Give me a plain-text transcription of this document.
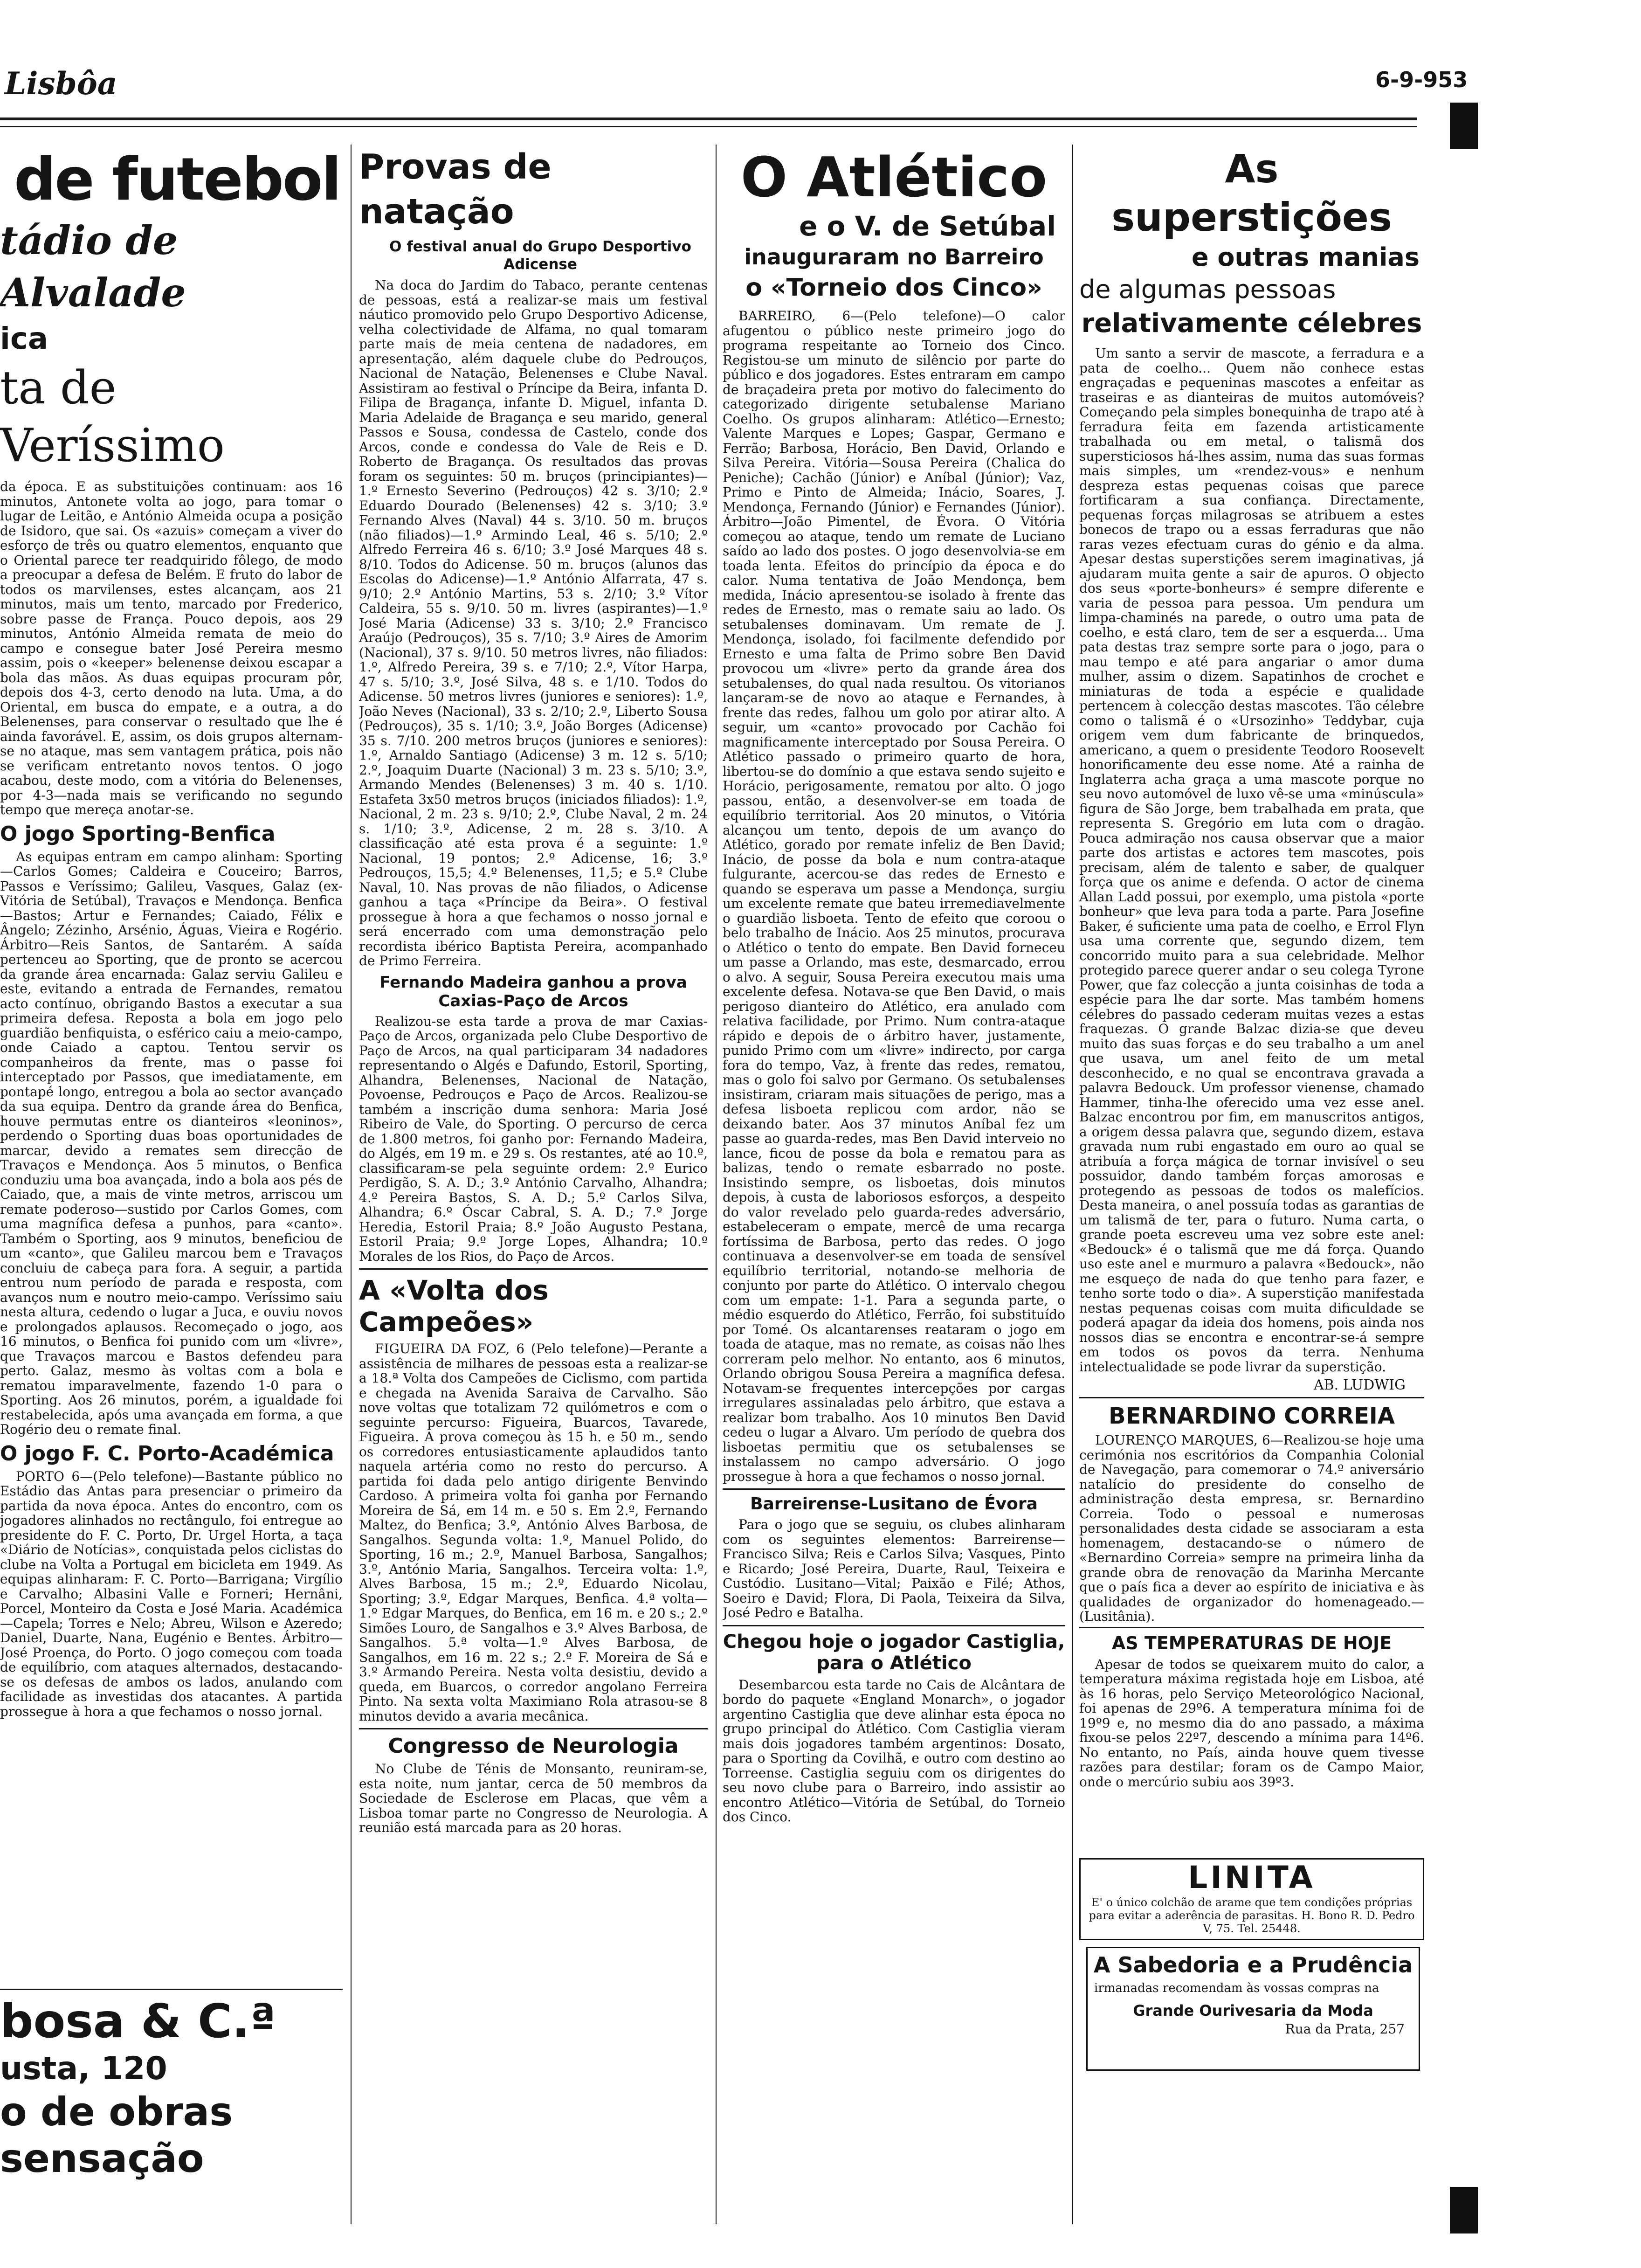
Lisbôa	6-9-953
de futebol
tádio de Alvalade
ica
ta de Veríssimo

da época. E as substituições continuam: aos 16 minutos, Antonete volta ao jogo, para tomar o lugar de Leitão, e António Almeida ocupa a posição de Isidoro, que sai. Os «azuis» começam a viver do esforço de três ou quatro elementos, enquanto que o Oriental parece ter readquirido fôlego, de modo a preocupar a defesa de Belém. E fruto do labor de todos os marvilenses, estes alcançam, aos 21 minutos, mais um tento, marcado por Frederico, sobre passe de França. Pouco depois, aos 29 minutos, António Almeida remata de meio do campo e consegue bater José Pereira mesmo assim, pois o «keeper» belenense deixou escapar a bola das mãos. As duas equipas procuram pôr, depois dos 4-3, certo denodo na luta. Uma, a do Oriental, em busca do empate, e a outra, a do Belenenses, para conservar o resultado que lhe é ainda favorável. E, assim, os dois grupos alternam-se no ataque, mas sem vantagem prática, pois não se verificam entretanto novos tentos. O jogo acabou, deste modo, com a vitória do Belenenses, por 4-3—nada mais se verificando no segundo tempo que mereça anotar-se.

O jogo Sporting-Benfica

As equipas entram em campo alinham: Sporting—Carlos Gomes; Caldeira e Couceiro; Barros, Passos e Veríssimo; Galileu, Vasques, Galaz (ex-Vitória de Setúbal), Travaços e Mendonça. Benfica—Bastos; Artur e Fernandes; Caiado, Félix e Ângelo; Zézinho, Arsénio, Águas, Vieira e Rogério. Árbitro—Reis Santos, de Santarém. A saída pertenceu ao Sporting, que de pronto se acercou da grande área encarnada: Galaz serviu Galileu e este, evitando a entrada de Fernandes, rematou acto contínuo, obrigando Bastos a executar a sua primeira defesa. Reposta a bola em jogo pelo guardião benfiquista, o esférico caiu a meio-campo, onde Caiado a captou. Tentou servir os companheiros da frente, mas o passe foi interceptado por Passos, que imediatamente, em pontapé longo, entregou a bola ao sector avançado da sua equipa. Dentro da grande área do Benfica, houve permutas entre os dianteiros «leoninos», perdendo o Sporting duas boas oportunidades de marcar, devido a remates sem direcção de Travaços e Mendonça. Aos 5 minutos, o Benfica conduziu uma boa avançada, indo a bola aos pés de Caiado, que, a mais de vinte metros, arriscou um remate poderoso—sustido por Carlos Gomes, com uma magnífica defesa a punhos, para «canto». Também o Sporting, aos 9 minutos, beneficiou de um «canto», que Galileu marcou bem e Travaços concluiu de cabeça para fora. A seguir, a partida entrou num período de parada e resposta, com avanços num e noutro meio-campo. Veríssimo saiu nesta altura, cedendo o lugar a Juca, e ouviu novos e prolongados aplausos. Recomeçado o jogo, aos 16 minutos, o Benfica foi punido com um «livre», que Travaços marcou e Bastos defendeu para perto. Galaz, mesmo às voltas com a bola e rematou imparavelmente, fazendo 1-0 para o Sporting. Aos 26 minutos, porém, a igualdade foi restabelecida, após uma avançada em forma, a que Rogério deu o remate final.

O jogo F. C. Porto-Académica

PORTO 6—(Pelo telefone)—Bastante público no Estádio das Antas para presenciar o primeiro da partida da nova época. Antes do encontro, com os jogadores alinhados no rectângulo, foi entregue ao presidente do F. C. Porto, Dr. Urgel Horta, a taça «Diário de Notícias», conquistada pelos ciclistas do clube na Volta a Portugal em bicicleta em 1949. As equipas alinharam: F. C. Porto—Barrigana; Virgílio e Carvalho; Albasini Valle e Forneri; Hernâni, Porcel, Monteiro da Costa e José Maria. Académica—Capela; Torres e Nelo; Abreu, Wilson e Azeredo; Daniel, Duarte, Nana, Eugénio e Bentes. Árbitro—José Proença, do Porto. O jogo começou com toada de equilíbrio, com ataques alternados, destacando-se os defesas de ambos os lados, anulando com facilidade as investidas dos atacantes. A partida prossegue à hora a que fechamos o nosso jornal.

bosa & C.ª
usta, 120
o de obras
sensação
Provas de natação
O festival anual do Grupo Desportivo Adicense

Na doca do Jardim do Tabaco, perante centenas de pessoas, está a realizar-se mais um festival náutico promovido pelo Grupo Desportivo Adicense, velha colectividade de Alfama, no qual tomaram parte mais de meia centena de nadadores, em apresentação, além daquele clube do Pedrouços, Nacional de Natação, Belenenses e Clube Naval. Assistiram ao festival o Príncipe da Beira, infanta D. Filipa de Bragança, infante D. Miguel, infanta D. Maria Adelaide de Bragança e seu marido, general Passos e Sousa, condessa de Castelo, conde dos Arcos, conde e condessa do Vale de Reis e D. Roberto de Bragança. Os resultados das provas foram os seguintes: 50 m. bruços (principiantes)—1.º Ernesto Severino (Pedrouços) 42 s. 3/10; 2.º Eduardo Dourado (Belenenses) 42 s. 3/10; 3.º Fernando Alves (Naval) 44 s. 3/10. 50 m. bruços (não filiados)—1.º Armindo Leal, 46 s. 5/10; 2.º Alfredo Ferreira 46 s. 6/10; 3.º José Marques 48 s. 8/10. Todos do Adicense. 50 m. bruços (alunos das Escolas do Adicense)—1.º António Alfarrata, 47 s. 9/10; 2.º António Martins, 53 s. 2/10; 3.º Vítor Caldeira, 55 s. 9/10. 50 m. livres (aspirantes)—1.º José Maria (Adicense) 33 s. 3/10; 2.º Francisco Araújo (Pedrouços), 35 s. 7/10; 3.º Aires de Amorim (Nacional), 37 s. 9/10. 50 metros livres, não filiados: 1.º, Alfredo Pereira, 39 s. e 7/10; 2.º, Vítor Harpa, 47 s. 5/10; 3.º, José Silva, 48 s. e 1/10. Todos do Adicense. 50 metros livres (juniores e seniores): 1.º, João Neves (Nacional), 33 s. 2/10; 2.º, Liberto Sousa (Pedrouços), 35 s. 1/10; 3.º, João Borges (Adicense) 35 s. 7/10. 200 metros bruços (juniores e seniores): 1.º, Arnaldo Santiago (Adicense) 3 m. 12 s. 5/10; 2.º, Joaquim Duarte (Nacional) 3 m. 23 s. 5/10; 3.º, Armando Mendes (Belenenses) 3 m. 40 s. 1/10. Estafeta 3x50 metros bruços (iniciados filiados): 1.º, Nacional, 2 m. 23 s. 9/10; 2.º, Clube Naval, 2 m. 24 s. 1/10; 3.º, Adicense, 2 m. 28 s. 3/10. A classificação até esta prova é a seguinte: 1.º Nacional, 19 pontos; 2.º Adicense, 16; 3.º Pedrouços, 15,5; 4.º Belenenses, 11,5; e 5.º Clube Naval, 10. Nas provas de não filiados, o Adicense ganhou a taça «Príncipe da Beira». O festival prossegue à hora a que fechamos o nosso jornal e será encerrado com uma demonstração pelo recordista ibérico Baptista Pereira, acompanhado de Primo Ferreira.

Fernando Madeira ganhou a prova Caxias-Paço de Arcos

Realizou-se esta tarde a prova de mar Caxias-Paço de Arcos, organizada pelo Clube Desportivo de Paço de Arcos, na qual participaram 34 nadadores representando o Algés e Dafundo, Estoril, Sporting, Alhandra, Belenenses, Nacional de Natação, Povoense, Pedrouços e Paço de Arcos. Realizou-se também a inscrição duma senhora: Maria José Ribeiro de Vale, do Sporting. O percurso de cerca de 1.800 metros, foi ganho por: Fernando Madeira, do Algés, em 19 m. e 29 s. Os restantes, até ao 10.º, classificaram-se pela seguinte ordem: 2.º Eurico Perdigão, S. A. D.; 3.º António Carvalho, Alhandra; 4.º Pereira Bastos, S. A. D.; 5.º Carlos Silva, Alhandra; 6.º Óscar Cabral, S. A. D.; 7.º Jorge Heredia, Estoril Praia; 8.º João Augusto Pestana, Estoril Praia; 9.º Jorge Lopes, Alhandra; 10.º Morales de los Rios, do Paço de Arcos.

A «Volta dos Campeões»

FIGUEIRA DA FOZ, 6 (Pelo telefone)—Perante a assistência de milhares de pessoas esta a realizar-se a 18.ª Volta dos Campeões de Ciclismo, com partida e chegada na Avenida Saraiva de Carvalho. São nove voltas que totalizam 72 quilómetros e com o seguinte percurso: Figueira, Buarcos, Tavarede, Figueira. A prova começou às 15 h. e 50 m., sendo os corredores entusiasticamente aplaudidos tanto naquela artéria como no resto do percurso. A partida foi dada pelo antigo dirigente Benvindo Cardoso. A primeira volta foi ganha por Fernando Moreira de Sá, em 14 m. e 50 s. Em 2.º, Fernando Maltez, do Benfica; 3.º, António Alves Barbosa, de Sangalhos. Segunda volta: 1.º, Manuel Polido, do Sporting, 16 m.; 2.º, Manuel Barbosa, Sangalhos; 3.º, António Maria, Sangalhos. Terceira volta: 1.º, Alves Barbosa, 15 m.; 2.º, Eduardo Nicolau, Sporting; 3.º, Edgar Marques, Benfica. 4.ª volta—1.º Edgar Marques, do Benfica, em 16 m. e 20 s.; 2.º Simões Louro, de Sangalhos e 3.º Alves Barbosa, de Sangalhos. 5.ª volta—1.º Alves Barbosa, de Sangalhos, em 16 m. 22 s.; 2.º F. Moreira de Sá e 3.º Armando Pereira. Nesta volta desistiu, devido a queda, em Buarcos, o corredor angolano Ferreira Pinto. Na sexta volta Maximiano Rola atrasou-se 8 minutos devido a avaria mecânica.

Congresso de Neurologia

No Clube de Ténis de Monsanto, reuniram-se, esta noite, num jantar, cerca de 50 membros da Sociedade de Esclerose em Placas, que vêm a Lisboa tomar parte no Congresso de Neurologia. A reunião está marcada para as 20 horas.

O Atlético
e o V. de Setúbal
inauguraram no Barreiro
o «Torneio dos Cinco»

BARREIRO, 6—(Pelo telefone)—O calor afugentou o público neste primeiro jogo do programa respeitante ao Torneio dos Cinco. Registou-se um minuto de silêncio por parte do público e dos jogadores. Estes entraram em campo de braçadeira preta por motivo do falecimento do categorizado dirigente setubalense Mariano Coelho. Os grupos alinharam: Atlético—Ernesto; Valente Marques e Lopes; Gaspar, Germano e Ferrão; Barbosa, Horácio, Ben David, Orlando e Silva Pereira. Vitória—Sousa Pereira (Chalica do Peniche); Cachão (Júnior) e Aníbal (Júnior); Vaz, Primo e Pinto de Almeida; Inácio, Soares, J. Mendonça, Fernando (Júnior) e Fernandes (Júnior). Árbitro—João Pimentel, de Évora. O Vitória começou ao ataque, tendo um remate de Luciano saído ao lado dos postes. O jogo desenvolvia-se em toada lenta. Efeitos do princípio da época e do calor. Numa tentativa de João Mendonça, bem medida, Inácio apresentou-se isolado à frente das redes de Ernesto, mas o remate saiu ao lado. Os setubalenses dominavam. Um remate de J. Mendonça, isolado, foi facilmente defendido por Ernesto e uma falta de Primo sobre Ben David provocou um «livre» perto da grande área dos setubalenses, do qual nada resultou. Os vitorianos lançaram-se de novo ao ataque e Fernandes, à frente das redes, falhou um golo por atirar alto. A seguir, um «canto» provocado por Cachão foi magnificamente interceptado por Sousa Pereira. O Atlético passado o primeiro quarto de hora, libertou-se do domínio a que estava sendo sujeito e Horácio, perigosamente, rematou por alto. O jogo passou, então, a desenvolver-se em toada de equilíbrio territorial. Aos 20 minutos, o Vitória alcançou um tento, depois de um avanço do Atlético, gorado por remate infeliz de Ben David; Inácio, de posse da bola e num contra-ataque fulgurante, acercou-se das redes de Ernesto e quando se esperava um passe a Mendonça, surgiu um excelente remate que bateu irremediavelmente o guardião lisboeta. Tento de efeito que coroou o belo trabalho de Inácio. Aos 25 minutos, procurava o Atlético o tento do empate. Ben David forneceu um passe a Orlando, mas este, desmarcado, errou o alvo. A seguir, Sousa Pereira executou mais uma excelente defesa. Notava-se que Ben David, o mais perigoso dianteiro do Atlético, era anulado com relativa facilidade, por Primo. Num contra-ataque rápido e depois de o árbitro haver, justamente, punido Primo com um «livre» indirecto, por carga fora do tempo, Vaz, à frente das redes, rematou, mas o golo foi salvo por Germano. Os setubalenses insistiram, criaram mais situações de perigo, mas a defesa lisboeta replicou com ardor, não se deixando bater. Aos 37 minutos Aníbal fez um passe ao guarda-redes, mas Ben David interveio no lance, ficou de posse da bola e rematou para as balizas, tendo o remate esbarrado no poste. Insistindo sempre, os lisboetas, dois minutos depois, à custa de laboriosos esforços, a despeito do valor revelado pelo guarda-redes adversário, estabeleceram o empate, mercê de uma recarga fortíssima de Barbosa, perto das redes. O jogo continuava a desenvolver-se em toada de sensível equilíbrio territorial, notando-se melhoria de conjunto por parte do Atlético. O intervalo chegou com um empate: 1-1. Para a segunda parte, o médio esquerdo do Atlético, Ferrão, foi substituído por Tomé. Os alcantarenses reataram o jogo em toada de ataque, mas no remate, as coisas não lhes correram pelo melhor. No entanto, aos 6 minutos, Orlando obrigou Sousa Pereira a magnífica defesa. Notavam-se frequentes intercepções por cargas irregulares assinaladas pelo árbitro, que estava a realizar bom trabalho. Aos 10 minutos Ben David cedeu o lugar a Alvaro. Um período de quebra dos lisboetas permitiu que os setubalenses se instalassem no campo adversário. O jogo prossegue à hora a que fechamos o nosso jornal.

Barreirense-Lusitano de Évora

Para o jogo que se seguiu, os clubes alinharam com os seguintes elementos: Barreirense—Francisco Silva; Reis e Carlos Silva; Vasques, Pinto e Ricardo; José Pereira, Duarte, Raul, Teixeira e Custódio. Lusitano—Vital; Paixão e Filé; Athos, Soeiro e David; Flora, Di Paola, Teixeira da Silva, José Pedro e Batalha.

Chegou hoje o jogador Castiglia, para o Atlético

Desembarcou esta tarde no Cais de Alcântara de bordo do paquete «England Monarch», o jogador argentino Castiglia que deve alinhar esta época no grupo principal do Atlético. Com Castiglia vieram mais dois jogadores também argentinos: Dosato, para o Sporting da Covilhã, e outro com destino ao Torreense. Castiglia seguiu com os dirigentes do seu novo clube para o Barreiro, indo assistir ao encontro Atlético—Vitória de Setúbal, do Torneio dos Cinco.

As superstições
e outras manias
de algumas pessoas
relativamente célebres

Um santo a servir de mascote, a ferradura e a pata de coelho... Quem não conhece estas engraçadas e pequeninas mascotes a enfeitar as traseiras e as dianteiras de muitos automóveis? Começando pela simples bonequinha de trapo até à ferradura feita em fazenda artisticamente trabalhada ou em metal, o talismã dos supersticiosos há-lhes assim, numa das suas formas mais simples, um «rendez-vous» e nenhum despreza estas pequenas coisas que parece fortificaram a sua confiança. Directamente, pequenas forças milagrosas se atribuem a estes bonecos de trapo ou a essas ferraduras que não raras vezes efectuam curas do génio e da alma. Apesar destas superstições serem imaginativas, já ajudaram muita gente a sair de apuros. O objecto dos seus «porte-bonheurs» é sempre diferente e varia de pessoa para pessoa. Um pendura um limpa-chaminés na parede, o outro uma pata de coelho, e está claro, tem de ser a esquerda... Uma pata destas traz sempre sorte para o jogo, para o mau tempo e até para angariar o amor duma mulher, assim o dizem. Sapatinhos de crochet e miniaturas de toda a espécie e qualidade pertencem à colecção destas mascotes. Tão célebre como o talismã é o «Ursozinho» Teddybar, cuja origem vem dum fabricante de brinquedos, americano, a quem o presidente Teodoro Roosevelt honorificamente deu esse nome. Até a rainha de Inglaterra acha graça a uma mascote porque no seu novo automóvel de luxo vê-se uma «minúscula» figura de São Jorge, bem trabalhada em prata, que representa S. Gregório em luta com o dragão. Pouca admiração nos causa observar que a maior parte dos artistas e actores tem mascotes, pois precisam, além de talento e saber, de qualquer força que os anime e defenda. O actor de cinema Allan Ladd possui, por exemplo, uma pistola «porte bonheur» que leva para toda a parte. Para Josefine Baker, é suficiente uma pata de coelho, e Errol Flyn usa uma corrente que, segundo dizem, tem concorrido muito para a sua celebridade. Melhor protegido parece querer andar o seu colega Tyrone Power, que faz colecção a junta coisinhas de toda a espécie para lhe dar sorte. Mas também homens célebres do passado cederam muitas vezes a estas fraquezas. O grande Balzac dizia-se que deveu muito das suas forças e do seu trabalho a um anel que usava, um anel feito de um metal desconhecido, e no qual se encontrava gravada a palavra Bedouck. Um professor vienense, chamado Hammer, tinha-lhe oferecido uma vez esse anel. Balzac encontrou por fim, em manuscritos antigos, a origem dessa palavra que, segundo dizem, estava gravada num rubi engastado em ouro ao qual se atribuía a força mágica de tornar invisível o seu possuidor, dando também forças amorosas e protegendo as pessoas de todos os malefícios. Desta maneira, o anel possuía todas as garantias de um talismã de ter, para o futuro. Numa carta, o grande poeta escreveu uma vez sobre este anel: «Bedouck» é o talismã que me dá força. Quando uso este anel e murmuro a palavra «Bedouck», não me esqueço de nada do que tenho para fazer, e tenho sorte todo o dia». A superstição manifestada nestas pequenas coisas com muita dificuldade se poderá apagar da ideia dos homens, pois ainda nos nossos dias se encontra e encontrar-se-á sempre em todos os povos da terra. Nenhuma intelectualidade se pode livrar da superstição.

AB. LUDWIG
BERNARDINO CORREIA

LOURENÇO MARQUES, 6—Realizou-se hoje uma cerimónia nos escritórios da Companhia Colonial de Navegação, para comemorar o 74.º aniversário natalício do presidente do conselho de administração desta empresa, sr. Bernardino Correia. Todo o pessoal e numerosas personalidades desta cidade se associaram a esta homenagem, destacando-se o número de «Bernardino Correia» sempre na primeira linha da grande obra de renovação da Marinha Mercante que o país fica a dever ao espírito de iniciativa e às qualidades de organizador do homenageado.—(Lusitânia).

AS TEMPERATURAS DE HOJE

Apesar de todos se queixarem muito do calor, a temperatura máxima registada hoje em Lisboa, até às 16 horas, pelo Serviço Meteorológico Nacional, foi apenas de 29º6. A temperatura mínima foi de 19º9 e, no mesmo dia do ano passado, a máxima fixou-se pelos 22º7, descendo a mínima para 14º6. No entanto, no País, ainda houve quem tivesse razões para destilar; foram os de Campo Maior, onde o mercúrio subiu aos 39º3.

LINITA
E' o único colchão de arame que tem condições próprias para evitar a aderência de parasitas. H. Bono R. D. Pedro V, 75. Tel. 25448.
A Sabedoria e a Prudência
irmanadas recomendam às vossas compras na
Grande Ourivesaria da Moda
Rua da Prata, 257
